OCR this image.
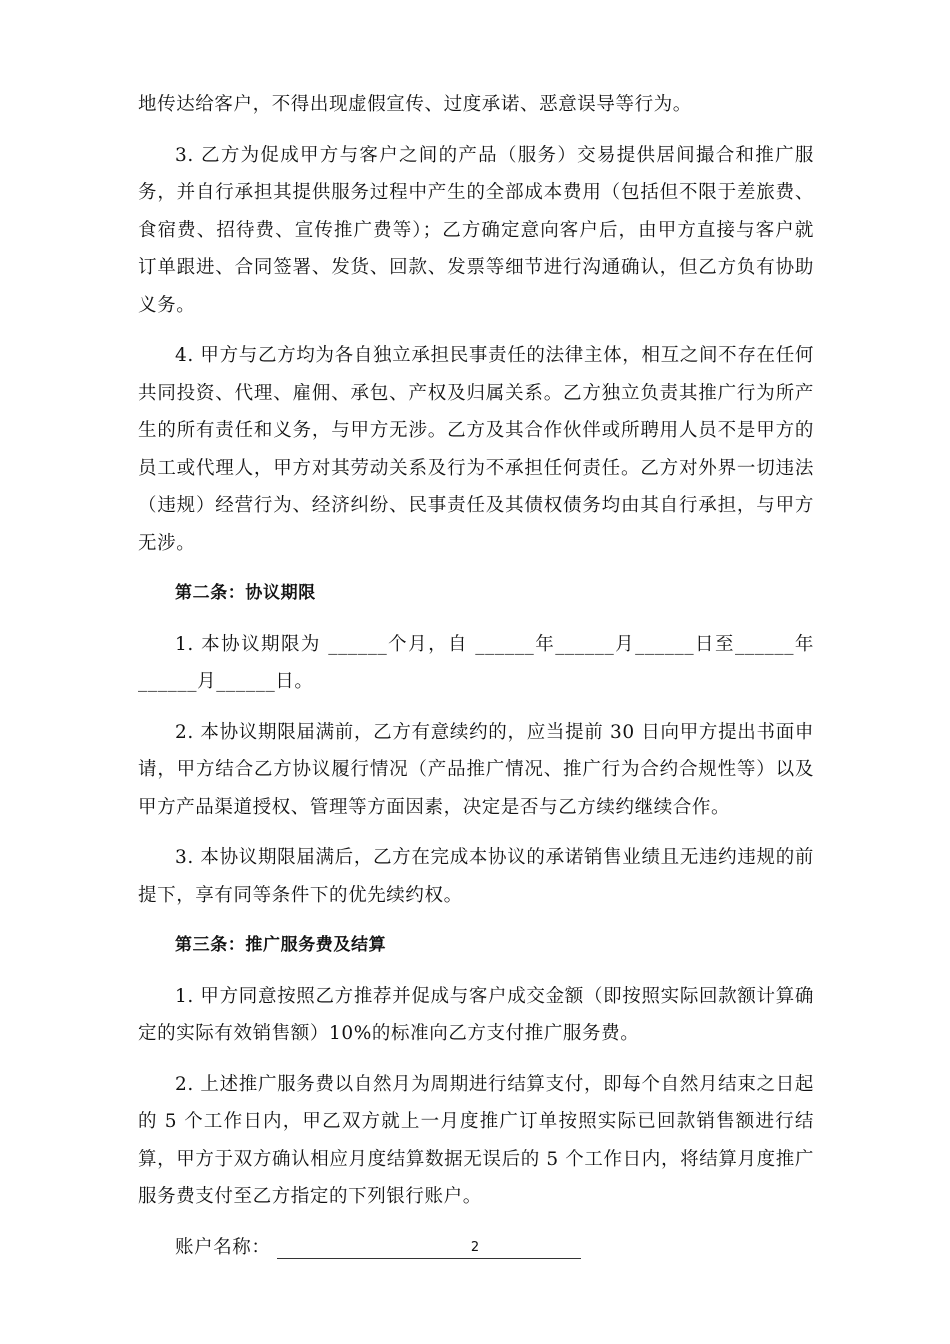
地传达给客户，不得出现虚假宣传、过度承诺、恶意误导等行为。

3. 乙方为促成甲方与客户之间的产品（服务）交易提供居间撮合和推广服务，并自行承担其提供服务过程中产生的全部成本费用（包括但不限于差旅费、食宿费、招待费、宣传推广费等）；乙方确定意向客户后，由甲方直接与客户就订单跟进、合同签署、发货、回款、发票等细节进行沟通确认，但乙方负有协助义务。

4. 甲方与乙方均为各自独立承担民事责任的法律主体，相互之间不存在任何共同投资、代理、雇佣、承包、产权及归属关系。乙方独立负责其推广行为所产生的所有责任和义务，与甲方无涉。乙方及其合作伙伴或所聘用人员不是甲方的员工或代理人，甲方对其劳动关系及行为不承担任何责任。乙方对外界一切违法（违规）经营行为、经济纠纷、民事责任及其债权债务均由其自行承担，与甲方无涉。

第二条：协议期限

1. 本协议期限为 ______个月，自 ______年______月______日至______年______月______日。

2. 本协议期限届满前，乙方有意续约的，应当提前 30 日向甲方提出书面申请，甲方结合乙方协议履行情况（产品推广情况、推广行为合约合规性等）以及甲方产品渠道授权、管理等方面因素，决定是否与乙方续约继续合作。

3. 本协议期限届满后，乙方在完成本协议的承诺销售业绩且无违约违规的前提下，享有同等条件下的优先续约权。

第三条：推广服务费及结算

1. 甲方同意按照乙方推荐并促成与客户成交金额（即按照实际回款额计算确定的实际有效销售额）10%的标准向乙方支付推广服务费。

2. 上述推广服务费以自然月为周期进行结算支付，即每个自然月结束之日起的 5 个工作日内，甲乙双方就上一月度推广订单按照实际已回款销售额进行结算，甲方于双方确认相应月度结算数据无误后的 5 个工作日内，将结算月度推广服务费支付至乙方指定的下列银行账户。

账户名称：	2
